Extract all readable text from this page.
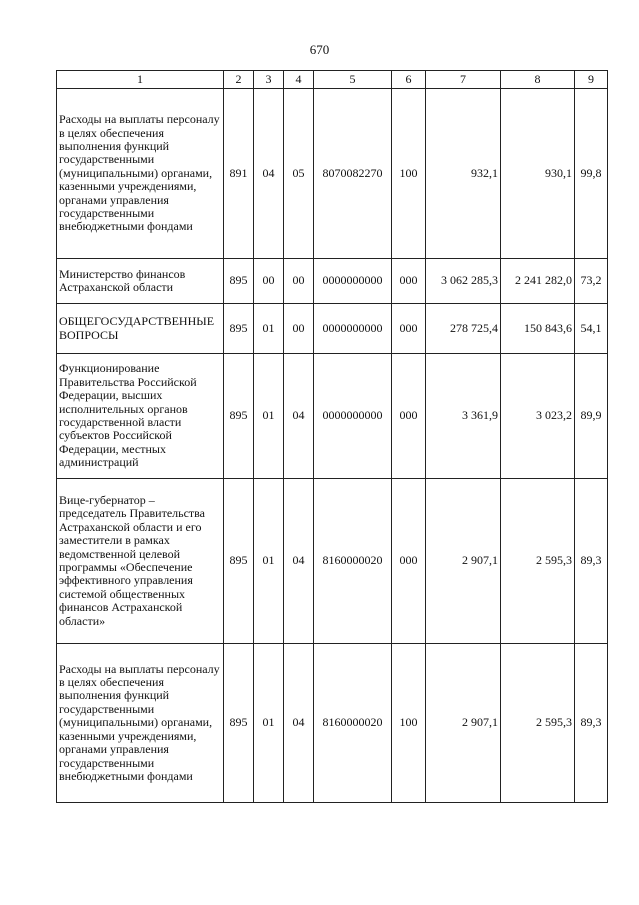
670
1	2	3	4	5	6	7	8	9
Расходы на выплаты персоналу в целях обеспечения выполнения функций государственными (муниципальными) органами, казенными учреждениями, органами управления государственными внебюджетными фондами	891	04	05	8070082270	100	932,1	930,1	99,8
Министерство финансов Астраханской области	895	00	00	0000000000	000	3 062 285,3	2 241 282,0	73,2
ОБЩЕГОСУДАРСТВЕННЫЕ ВОПРОСЫ	895	01	00	0000000000	000	278 725,4	150 843,6	54,1
Функционирование Правительства Российской Федерации, высших исполнительных органов государственной власти субъектов Российской Федерации, местных администраций	895	01	04	0000000000	000	3 361,9	3 023,2	89,9
Вице-губернатор – председатель Правительства Астраханской области и его заместители в рамках ведомственной целевой программы «Обеспечение эффективного управления системой общественных финансов Астраханской области»	895	01	04	8160000020	000	2 907,1	2 595,3	89,3
Расходы на выплаты персоналу в целях обеспечения выполнения функций государственными (муниципальными) органами, казенными учреждениями, органами управления государственными внебюджетными фондами	895	01	04	8160000020	100	2 907,1	2 595,3	89,3
